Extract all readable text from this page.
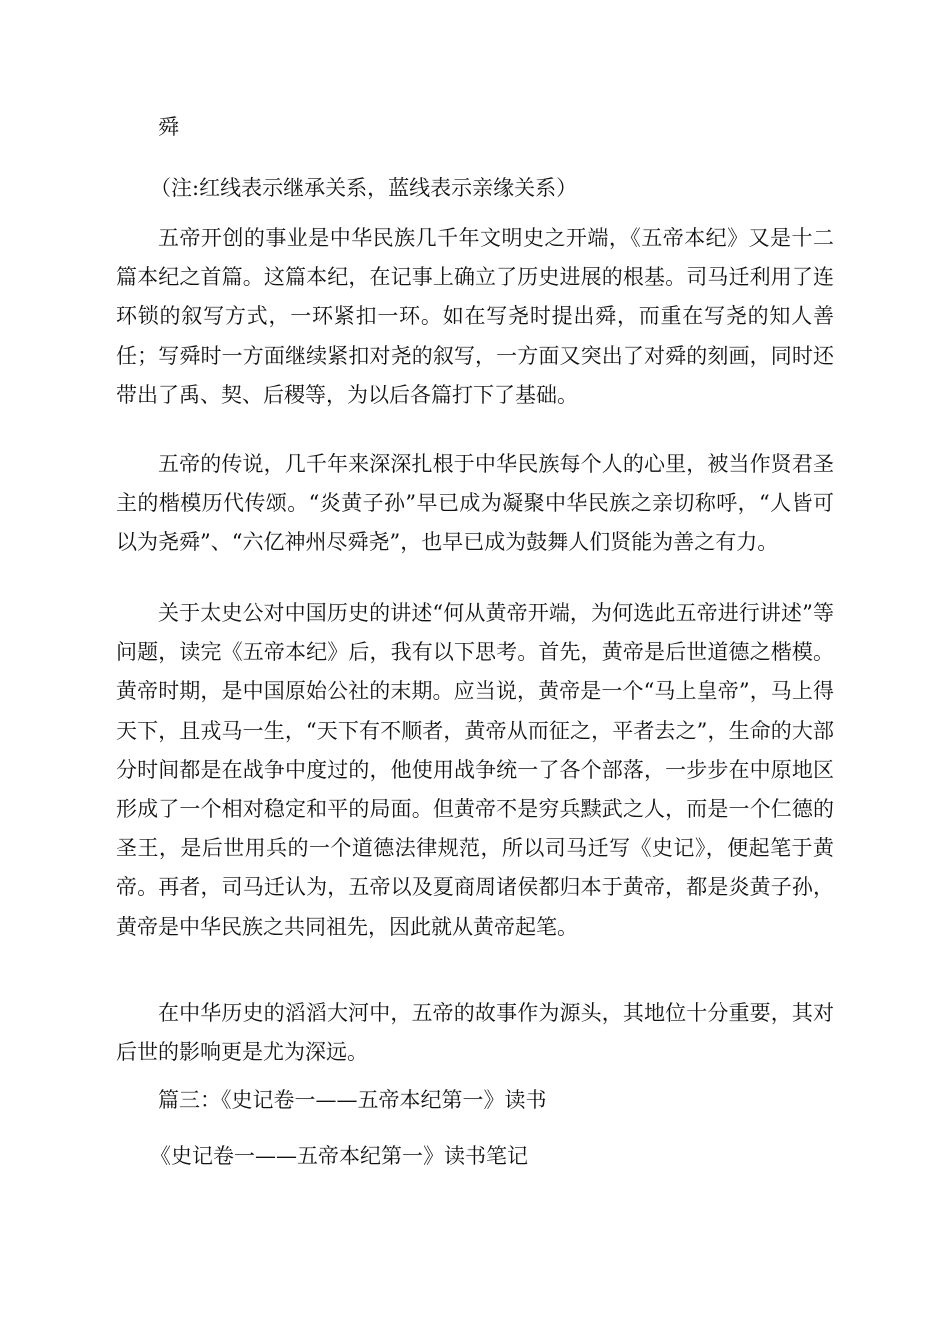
舜
（注:红线表示继承关系，蓝线表示亲缘关系）
五帝开创的事业是中华民族几千年文明史之开端，《五帝本纪》又是十二篇本纪之首篇。这篇本纪，在记事上确立了历史进展的根基。司马迁利用了连环锁的叙写方式，一环紧扣一环。如在写尧时提出舜，而重在写尧的知人善任；写舜时一方面继续紧扣对尧的叙写，一方面又突出了对舜的刻画，同时还带出了禹、契、后稷等，为以后各篇打下了基础。
五帝的传说，几千年来深深扎根于中华民族每个人的心里，被当作贤君圣主的楷模历代传颂。“炎黄子孙”早已成为凝聚中华民族之亲切称呼，“人皆可以为尧舜”、“六亿神州尽舜尧”，也早已成为鼓舞人们贤能为善之有力。
关于太史公对中国历史的讲述“何从黄帝开端，为何选此五帝进行讲述”等问题，读完《五帝本纪》后，我有以下思考。首先，黄帝是后世道德之楷模。黄帝时期，是中国原始公社的末期。应当说，黄帝是一个“马上皇帝”，马上得天下，且戎马一生，“天下有不顺者，黄帝从而征之，平者去之”，生命的大部分时间都是在战争中度过的，他使用战争统一了各个部落，一步步在中原地区形成了一个相对稳定和平的局面。但黄帝不是穷兵黩武之人，而是一个仁德的圣王，是后世用兵的一个道德法律规范，所以司马迁写《史记》，便起笔于黄帝。再者，司马迁认为，五帝以及夏商周诸侯都归本于黄帝，都是炎黄子孙，黄帝是中华民族之共同祖先，因此就从黄帝起笔。
在中华历史的滔滔大河中，五帝的故事作为源头，其地位十分重要，其对后世的影响更是尤为深远。
篇三：《史记卷一——五帝本纪第一》读书
《史记卷一——五帝本纪第一》读书笔记
